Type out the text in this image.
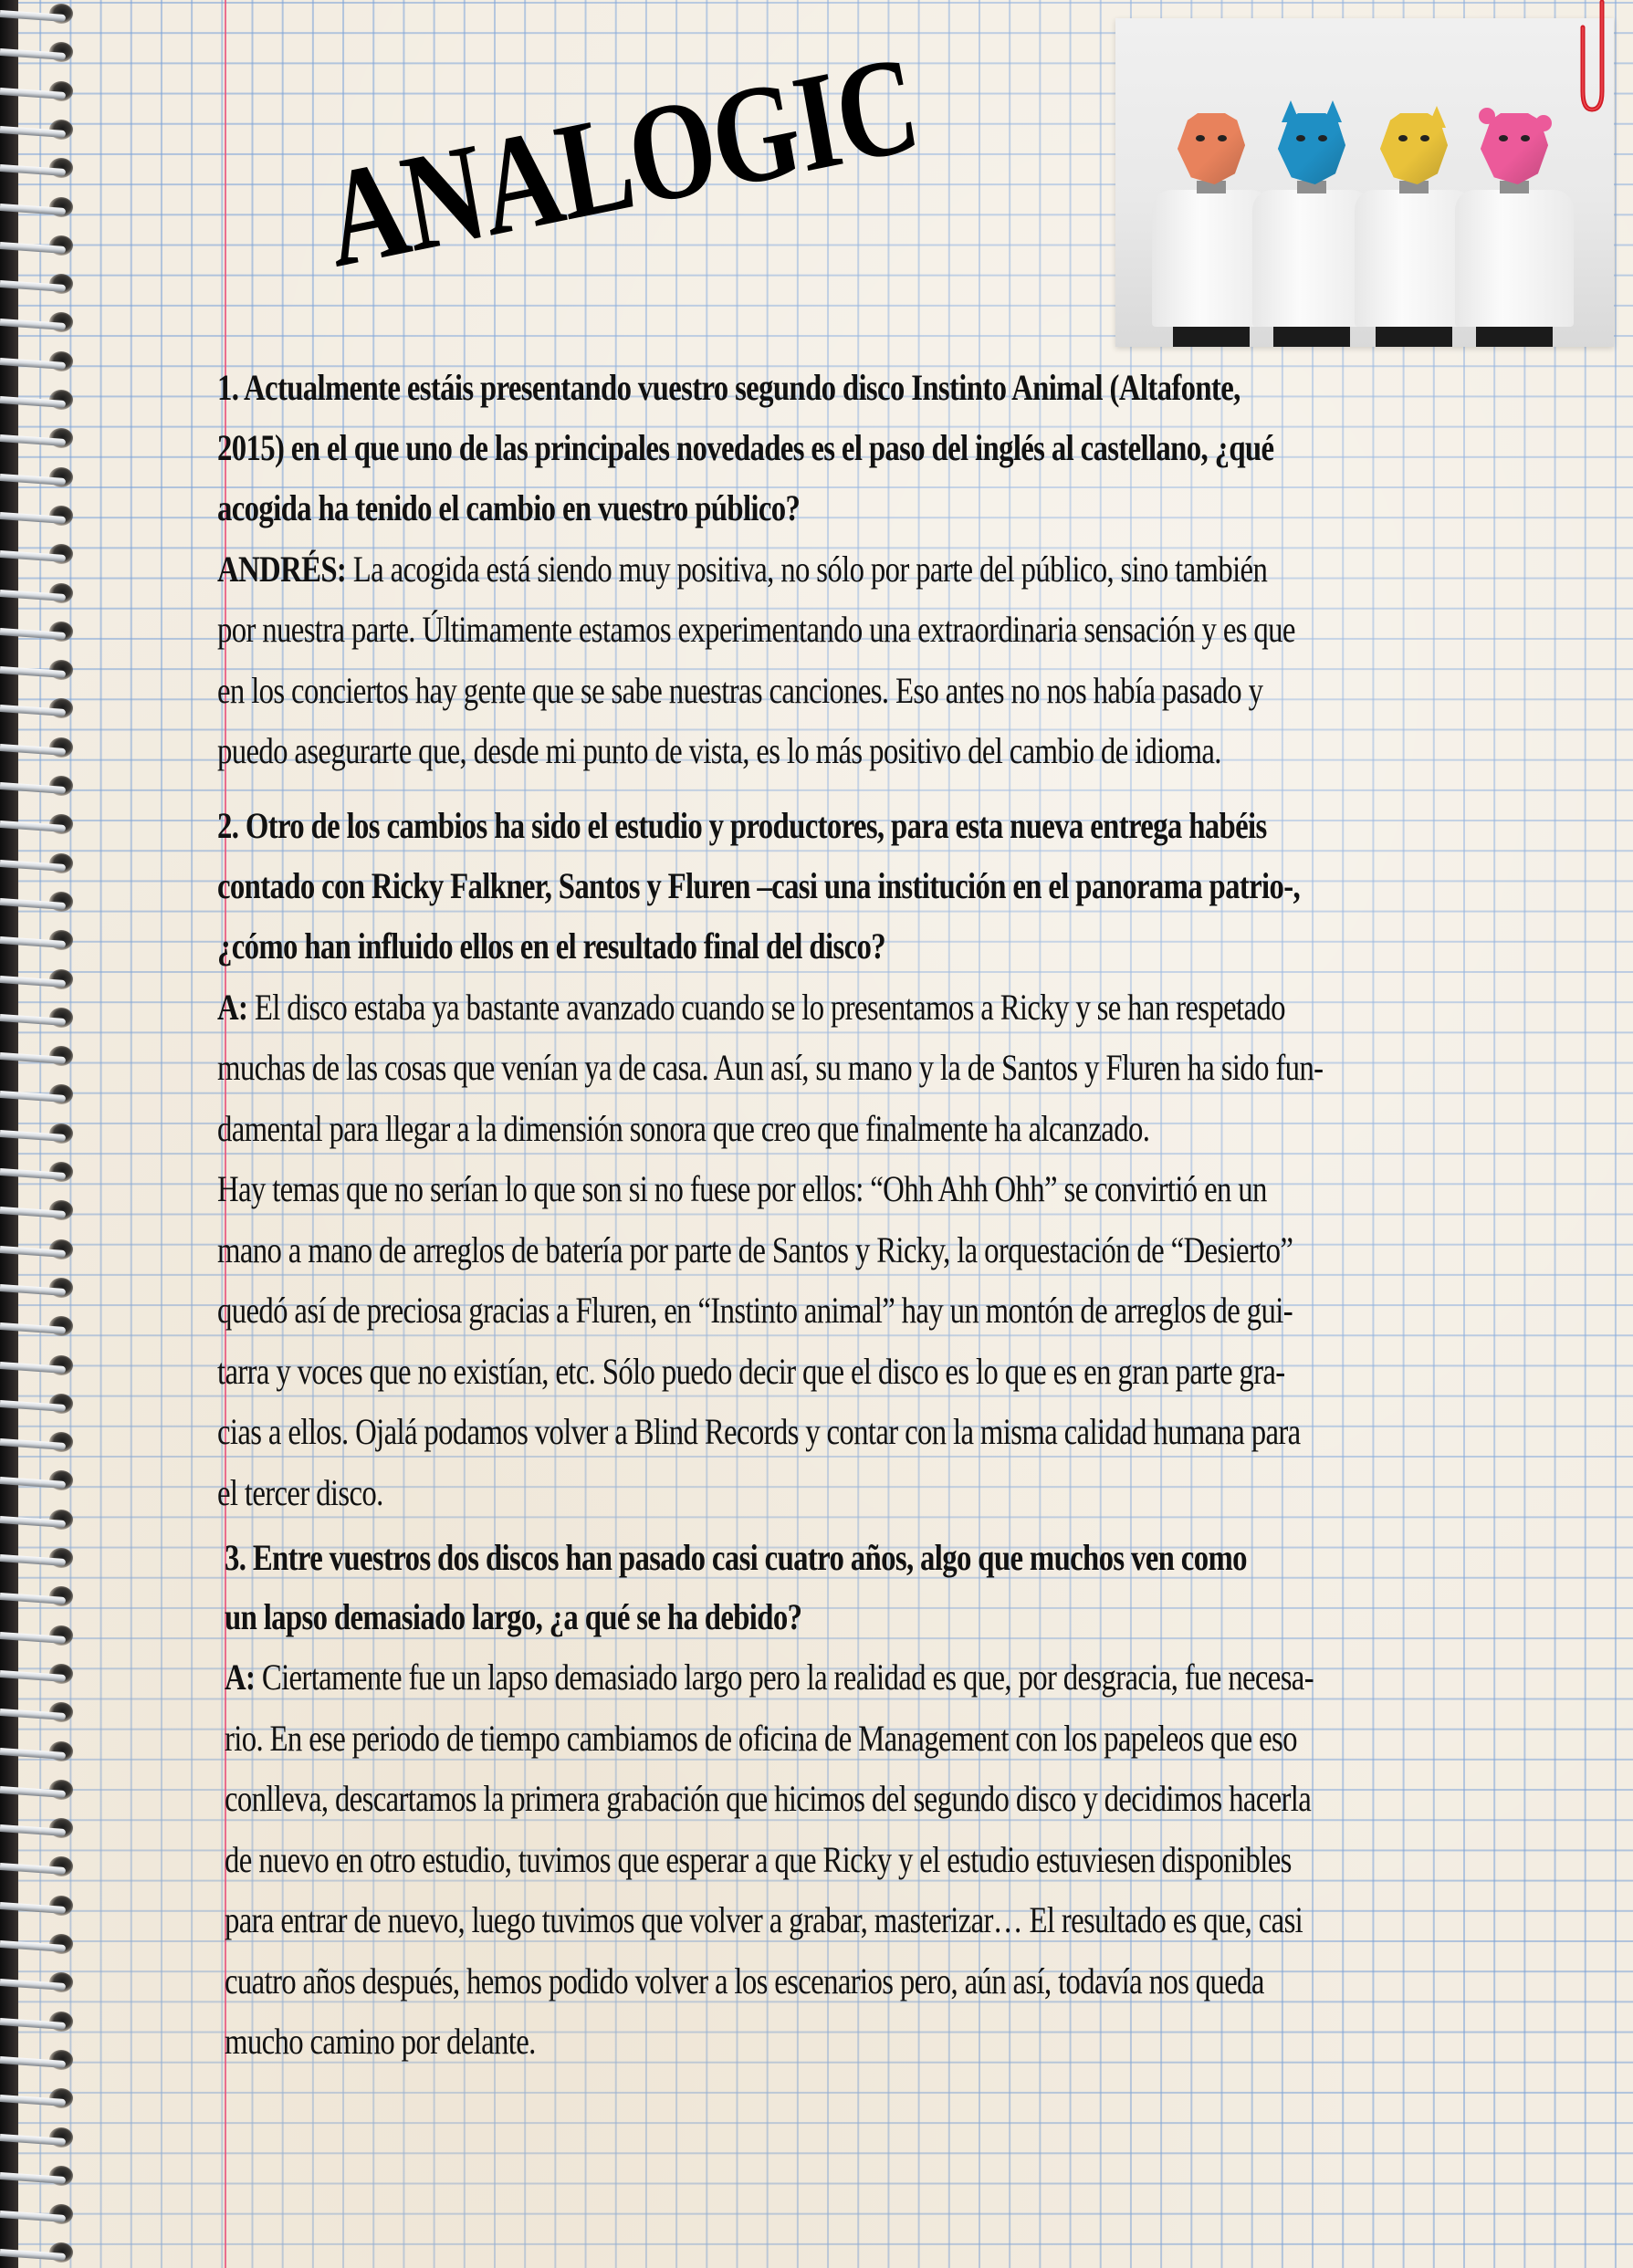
ANALOGIC
1. Actualmente estáis presentando vuestro segundo disco Instinto Animal (Altafonte,
2015) en el que uno de las principales novedades es el paso del inglés al castellano, ¿qué
acogida ha tenido el cambio en vuestro público?
ANDRÉS: La acogida está siendo muy positiva, no sólo por parte del público, sino también
por nuestra parte. Últimamente estamos experimentando una extraordinaria sensación y es que
en los conciertos hay gente que se sabe nuestras canciones. Eso antes no nos había pasado y
puedo asegurarte que, desde mi punto de vista, es lo más positivo del cambio de idioma.
2. Otro de los cambios ha sido el estudio y productores, para esta nueva entrega habéis
contado con Ricky Falkner, Santos y Fluren –casi una institución en el panorama patrio-,
¿cómo han influido ellos en el resultado final del disco?
A: El disco estaba ya bastante avanzado cuando se lo presentamos a Ricky y se han respetado
muchas de las cosas que venían ya de casa. Aun así, su mano y la de Santos y Fluren ha sido fun-
damental para llegar a la dimensión sonora que creo que finalmente ha alcanzado.
Hay temas que no serían lo que son si no fuese por ellos: “Ohh Ahh Ohh” se convirtió en un
mano a mano de arreglos de batería por parte de Santos y Ricky, la orquestación de “Desierto”
quedó así de preciosa gracias a Fluren, en “Instinto animal” hay un montón de arreglos de gui-
tarra y voces que no existían, etc. Sólo puedo decir que el disco es lo que es en gran parte gra-
cias a ellos. Ojalá podamos volver a Blind Records y contar con la misma calidad humana para
el tercer disco.
3. Entre vuestros dos discos han pasado casi cuatro años, algo que muchos ven como
un lapso demasiado largo, ¿a qué se ha debido?
A: Ciertamente fue un lapso demasiado largo pero la realidad es que, por desgracia, fue necesa-
rio. En ese periodo de tiempo cambiamos de oficina de Management con los papeleos que eso
conlleva, descartamos la primera grabación que hicimos del segundo disco y decidimos hacerla
de nuevo en otro estudio, tuvimos que esperar a que Ricky y el estudio estuviesen disponibles
para entrar de nuevo, luego tuvimos que volver a grabar, masterizar… El resultado es que, casi
cuatro años después, hemos podido volver a los escenarios pero, aún así, todavía nos queda
mucho camino por delante.
